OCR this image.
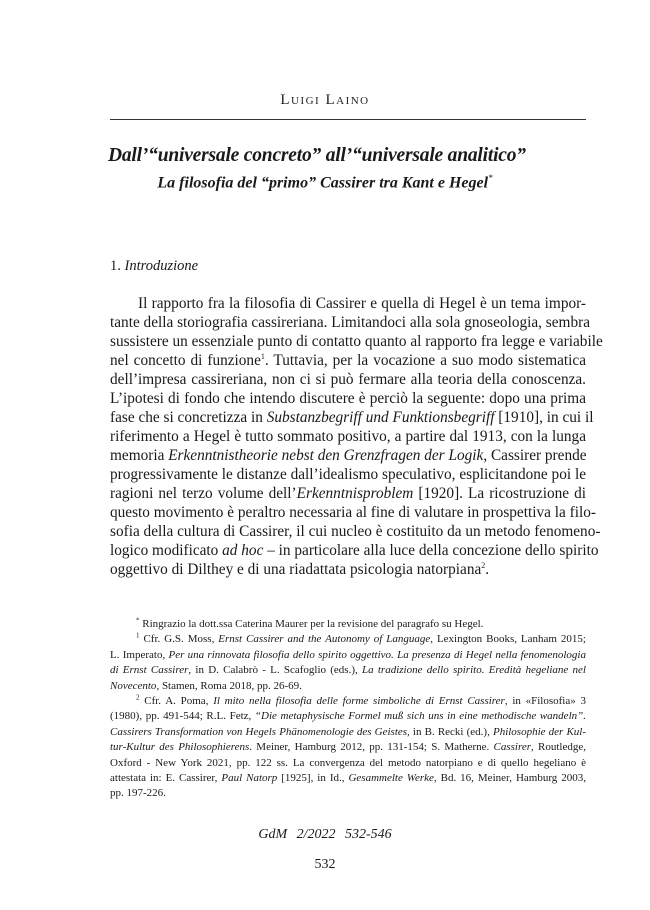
Luigi Laino
Dall’“universale concreto” all’“universale analitico”
La filosofia del “primo” Cassirer tra Kant e Hegel*
1. Introduzione
Il rapporto fra la filosofia di Cassirer e quella di Hegel è un tema impor-
tante della storiografia cassireriana. Limitandoci alla sola gnoseologia, sembra
sussistere un essenziale punto di contatto quanto al rapporto fra legge e variabile
nel concetto di funzione$^1$. Tuttavia, per la vocazione a suo modo sistematica
dell’impresa cassireriana, non ci si può fermare alla teoria della conoscenza.
L’ipotesi di fondo che intendo discutere è perciò la seguente: dopo una prima
fase che si concretizza in Substanzbegriff und Funktionsbegriff [1910], in cui il
riferimento a Hegel è tutto sommato positivo, a partire dal 1913, con la lunga
memoria Erkenntnistheorie nebst den Grenzfragen der Logik, Cassirer prende
progressivamente le distanze dall’idealismo speculativo, esplicitandone poi le
ragioni nel terzo volume dell’Erkenntnisproblem [1920]. La ricostruzione di
questo movimento è peraltro necessaria al fine di valutare in prospettiva la filo-
sofia della cultura di Cassirer, il cui nucleo è costituito da un metodo fenomeno-
logico modificato ad hoc – in particolare alla luce della concezione dello spirito
oggettivo di Dilthey e di una riadattata psicologia natorpiana$^2$.
* Ringrazio la dott.ssa Caterina Maurer per la revisione del paragrafo su Hegel.
$^1$ Cfr. G.S. Moss, Ernst Cassirer and the Autonomy of Language, Lexington Books, Lanham 2015;
L. Imperato, Per una rinnovata filosofia dello spirito oggettivo. La presenza di Hegel nella fenomenologia
di Ernst Cassirer, in D. Calabrò - L. Scafoglio (eds.), La tradizione dello spirito. Eredità hegeliane nel
Novecento, Stamen, Roma 2018, pp. 26-69.
$^2$ Cfr. A. Poma, Il mito nella filosofia delle forme simboliche di Ernst Cassirer, in «Filosofia» 3
(1980), pp. 491-544; R.L. Fetz, “Die metaphysische Formel muß sich uns in eine methodische wandeln”.
Cassirers Transformation von Hegels Phänomenologie des Geistes, in B. Recki (ed.), Philosophie der Kul-
tur-Kultur des Philosophierens. Meiner, Hamburg 2012, pp. 131-154; S. Matherne. Cassirer, Routledge,
Oxford - New York 2021, pp. 122 ss. La convergenza del metodo natorpiano e di quello hegeliano è
attestata in: E. Cassirer, Paul Natorp [1925], in Id., Gesammelte Werke, Bd. 16, Meiner, Hamburg 2003,
pp. 197-226.
GdM 2/2022 532-546
532
